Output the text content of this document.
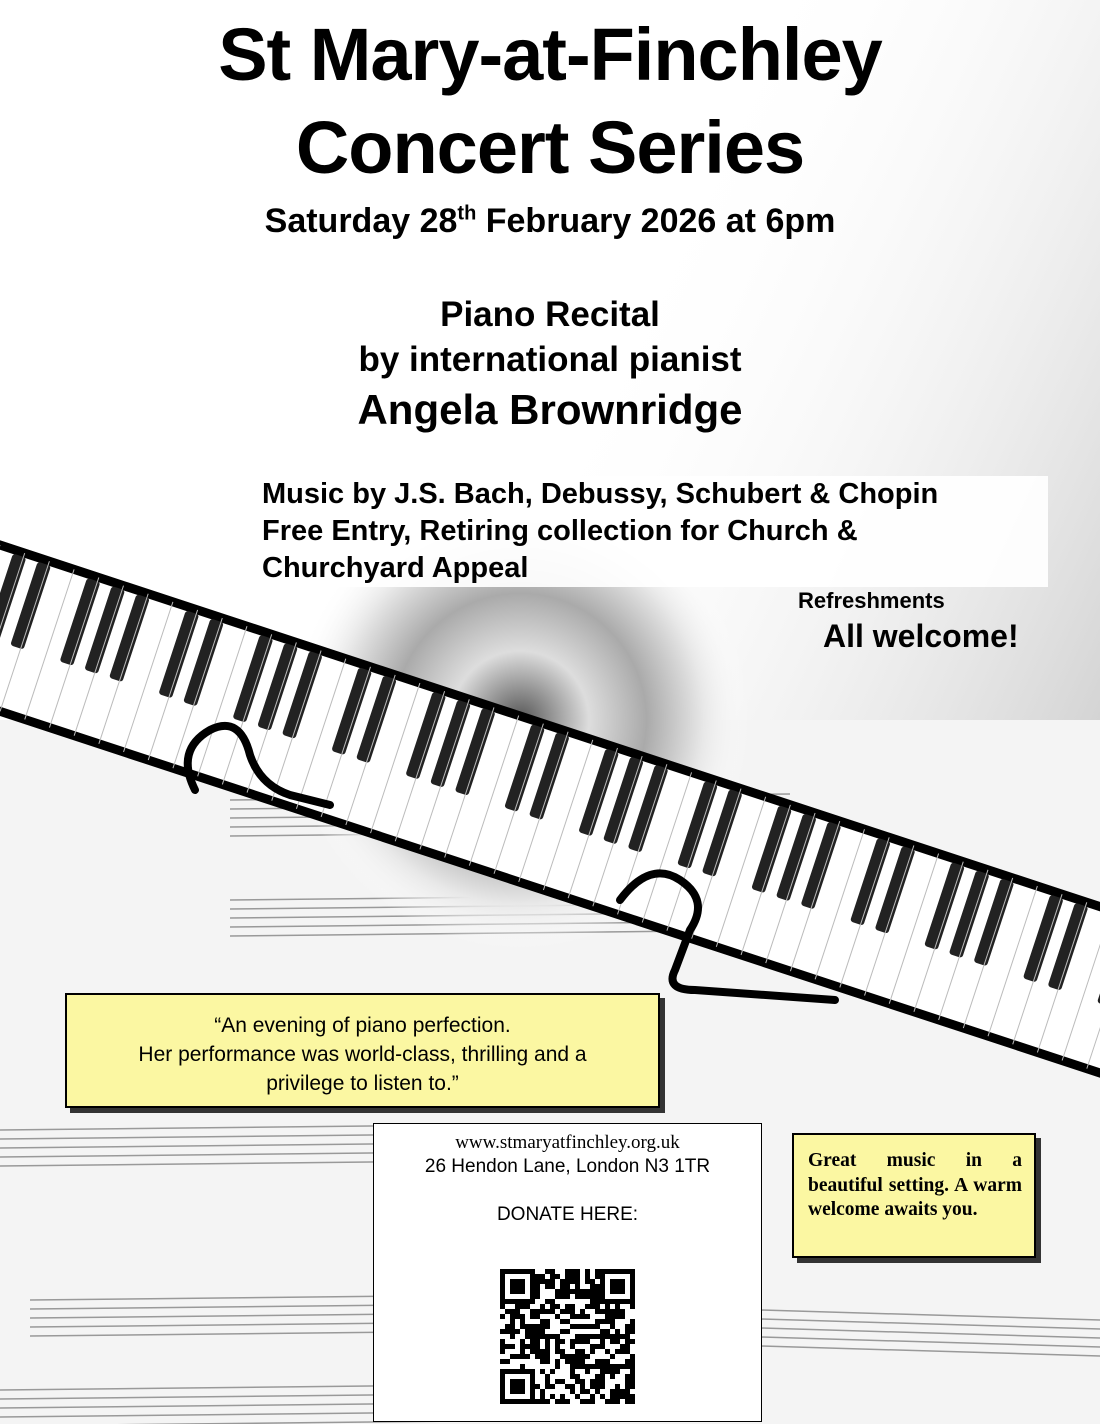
St Mary-at-Finchley
Concert Series
Saturday 28th February 2026 at 6pm
Piano Recital
by international pianist
Angela Brownridge
Music by J.S. Bach, Debussy, Schubert & Chopin
Free Entry, Retiring collection for Church &
Churchyard Appeal
Refreshments
All welcome!
“An evening of piano perfection.
Her performance was world-class, thrilling and a
privilege to listen to.”
www.stmaryatfinchley.org.uk
26 Hendon Lane, London N3 1TR
DONATE HERE:
Great music in a beautiful setting. A warm welcome awaits you.
